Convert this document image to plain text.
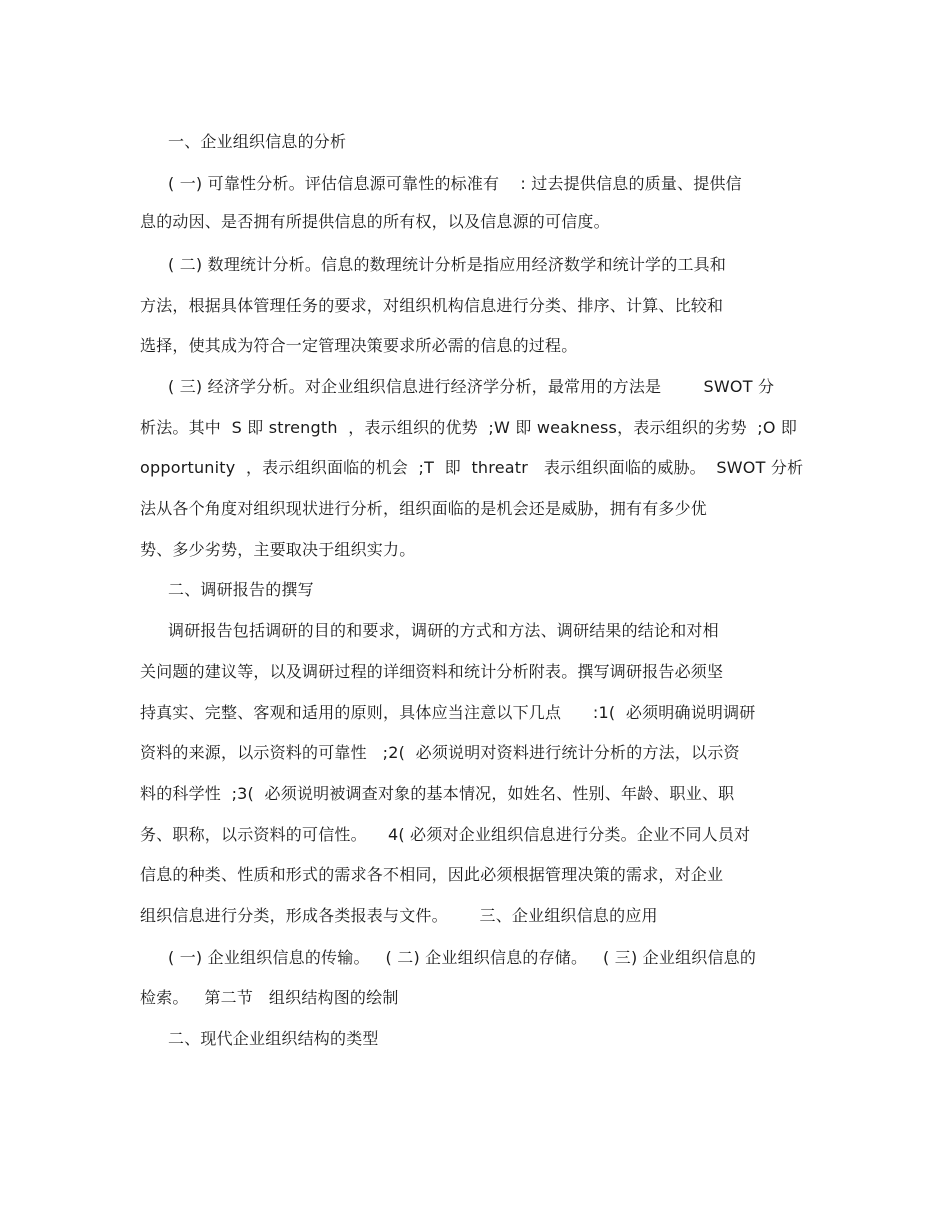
一、企业组织信息的分析
( 一) 可靠性分析。评估信息源可靠性的标准有    : 过去提供信息的质量、提供信
息的动因、是否拥有所提供信息的所有权，以及信息源的可信度。
( 二) 数理统计分析。信息的数理统计分析是指应用经济数学和统计学的工具和
方法，根据具体管理任务的要求，对组织机构信息进行分类、排序、计算、比较和
选择，使其成为符合一定管理决策要求所必需的信息的过程。
( 三) 经济学分析。对企业组织信息进行经济学分析，最常用的方法是        SWOT 分
析法。其中  S 即 strength  ，表示组织的优势  ;W 即 weakness，表示组织的劣势  ;O 即
opportunity  ，表示组织面临的机会  ;T  即  threatr   表示组织面临的威胁。  SWOT 分析
法从各个角度对组织现状进行分析，组织面临的是机会还是威胁，拥有有多少优
势、多少劣势，主要取决于组织实力。
二、调研报告的撰写
调研报告包括调研的目的和要求，调研的方式和方法、调研结果的结论和对相
关问题的建议等，以及调研过程的详细资料和统计分析附表。撰写调研报告必须坚
持真实、完整、客观和适用的原则，具体应当注意以下几点      :1(  必须明确说明调研
资料的来源，以示资料的可靠性   ;2(  必须说明对资料进行统计分析的方法，以示资
料的科学性  ;3(  必须说明被调查对象的基本情况，如姓名、性别、年龄、职业、职
务、职称，以示资料的可信性。    4( 必须对企业组织信息进行分类。企业不同人员对
信息的种类、性质和形式的需求各不相同，因此必须根据管理决策的需求，对企业
组织信息进行分类，形成各类报表与文件。      三、企业组织信息的应用
( 一) 企业组织信息的传输。   ( 二) 企业组织信息的存储。   ( 三) 企业组织信息的
检索。   第二节   组织结构图的绘制
二、现代企业组织结构的类型
